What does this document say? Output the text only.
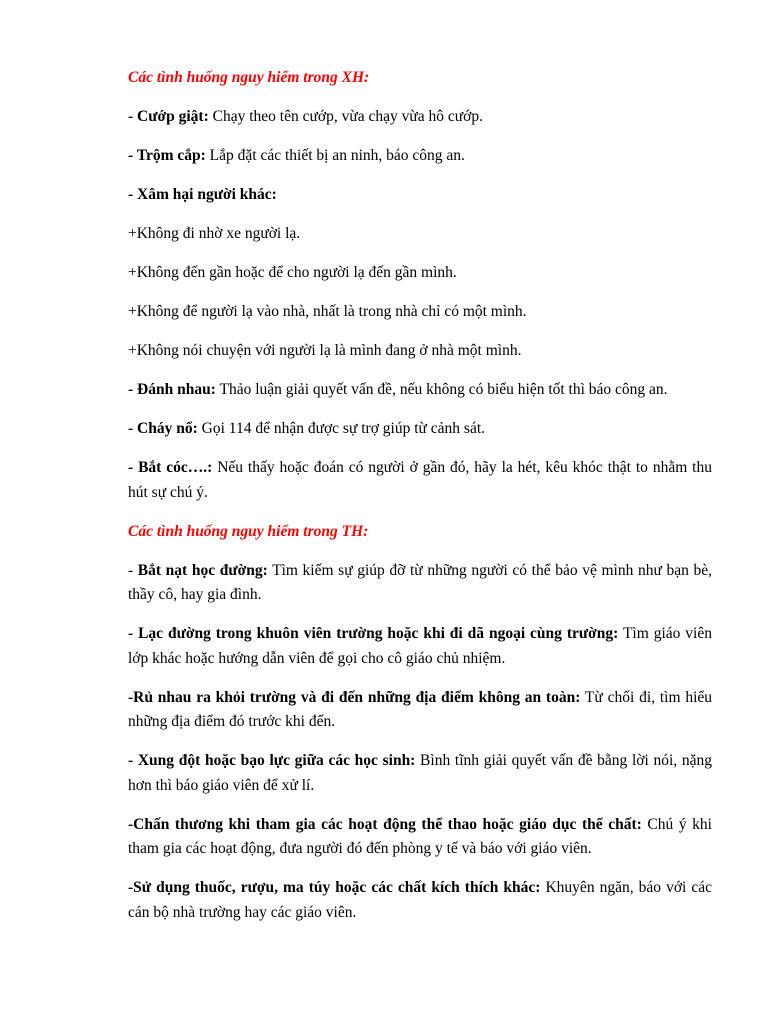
Các tình huống nguy hiểm trong XH:

- Cướp giật: Chạy theo tên cướp, vừa chạy vừa hô cướp.

- Trộm cắp: Lắp đặt các thiết bị an ninh, báo công an.

- Xâm hại người khác:

+Không đi nhờ xe người lạ.

+Không đến gần hoặc để cho người lạ đến gần mình.

+Không để người lạ vào nhà, nhất là trong nhà chỉ có một mình.

+Không nói chuyện với người lạ là mình đang ở nhà một mình.

- Đánh nhau: Thảo luận giải quyết vấn đề, nếu không có biểu hiện tốt thì báo công an.

- Cháy nổ: Gọi 114 để nhận được sự trợ giúp từ cảnh sát.

- Bắt cóc….: Nếu thấy hoặc đoán có người ở gần đó, hãy la hét, kêu khóc thật to nhằm thu hút sự chú ý.

Các tình huống nguy hiểm trong TH:

- Bắt nạt học đường: Tìm kiếm sự giúp đỡ từ những người có thể bảo vệ mình như bạn bè, thầy cô, hay gia đình.

- Lạc đường trong khuôn viên trường hoặc khi đi dã ngoại cùng trường: Tìm giáo viên lớp khác hoặc hướng dẫn viên để gọi cho cô giáo chủ nhiệm.

-Rủ nhau ra khỏi trường và đi đến những địa điểm không an toàn: Từ chối đi, tìm hiểu những địa điểm đó trước khi đến.

- Xung đột hoặc bạo lực giữa các học sinh: Bình tĩnh giải quyết vấn đề bằng lời nói, nặng hơn thì báo giáo viên để xử lí.

-Chấn thương khi tham gia các hoạt động thể thao hoặc giáo dục thể chất: Chú ý khi tham gia các hoạt động, đưa người đó đến phòng y tế và báo với giáo viên.

-Sử dụng thuốc, rượu, ma túy hoặc các chất kích thích khác: Khuyên ngăn, báo với các cán bộ nhà trường hay các giáo viên.
